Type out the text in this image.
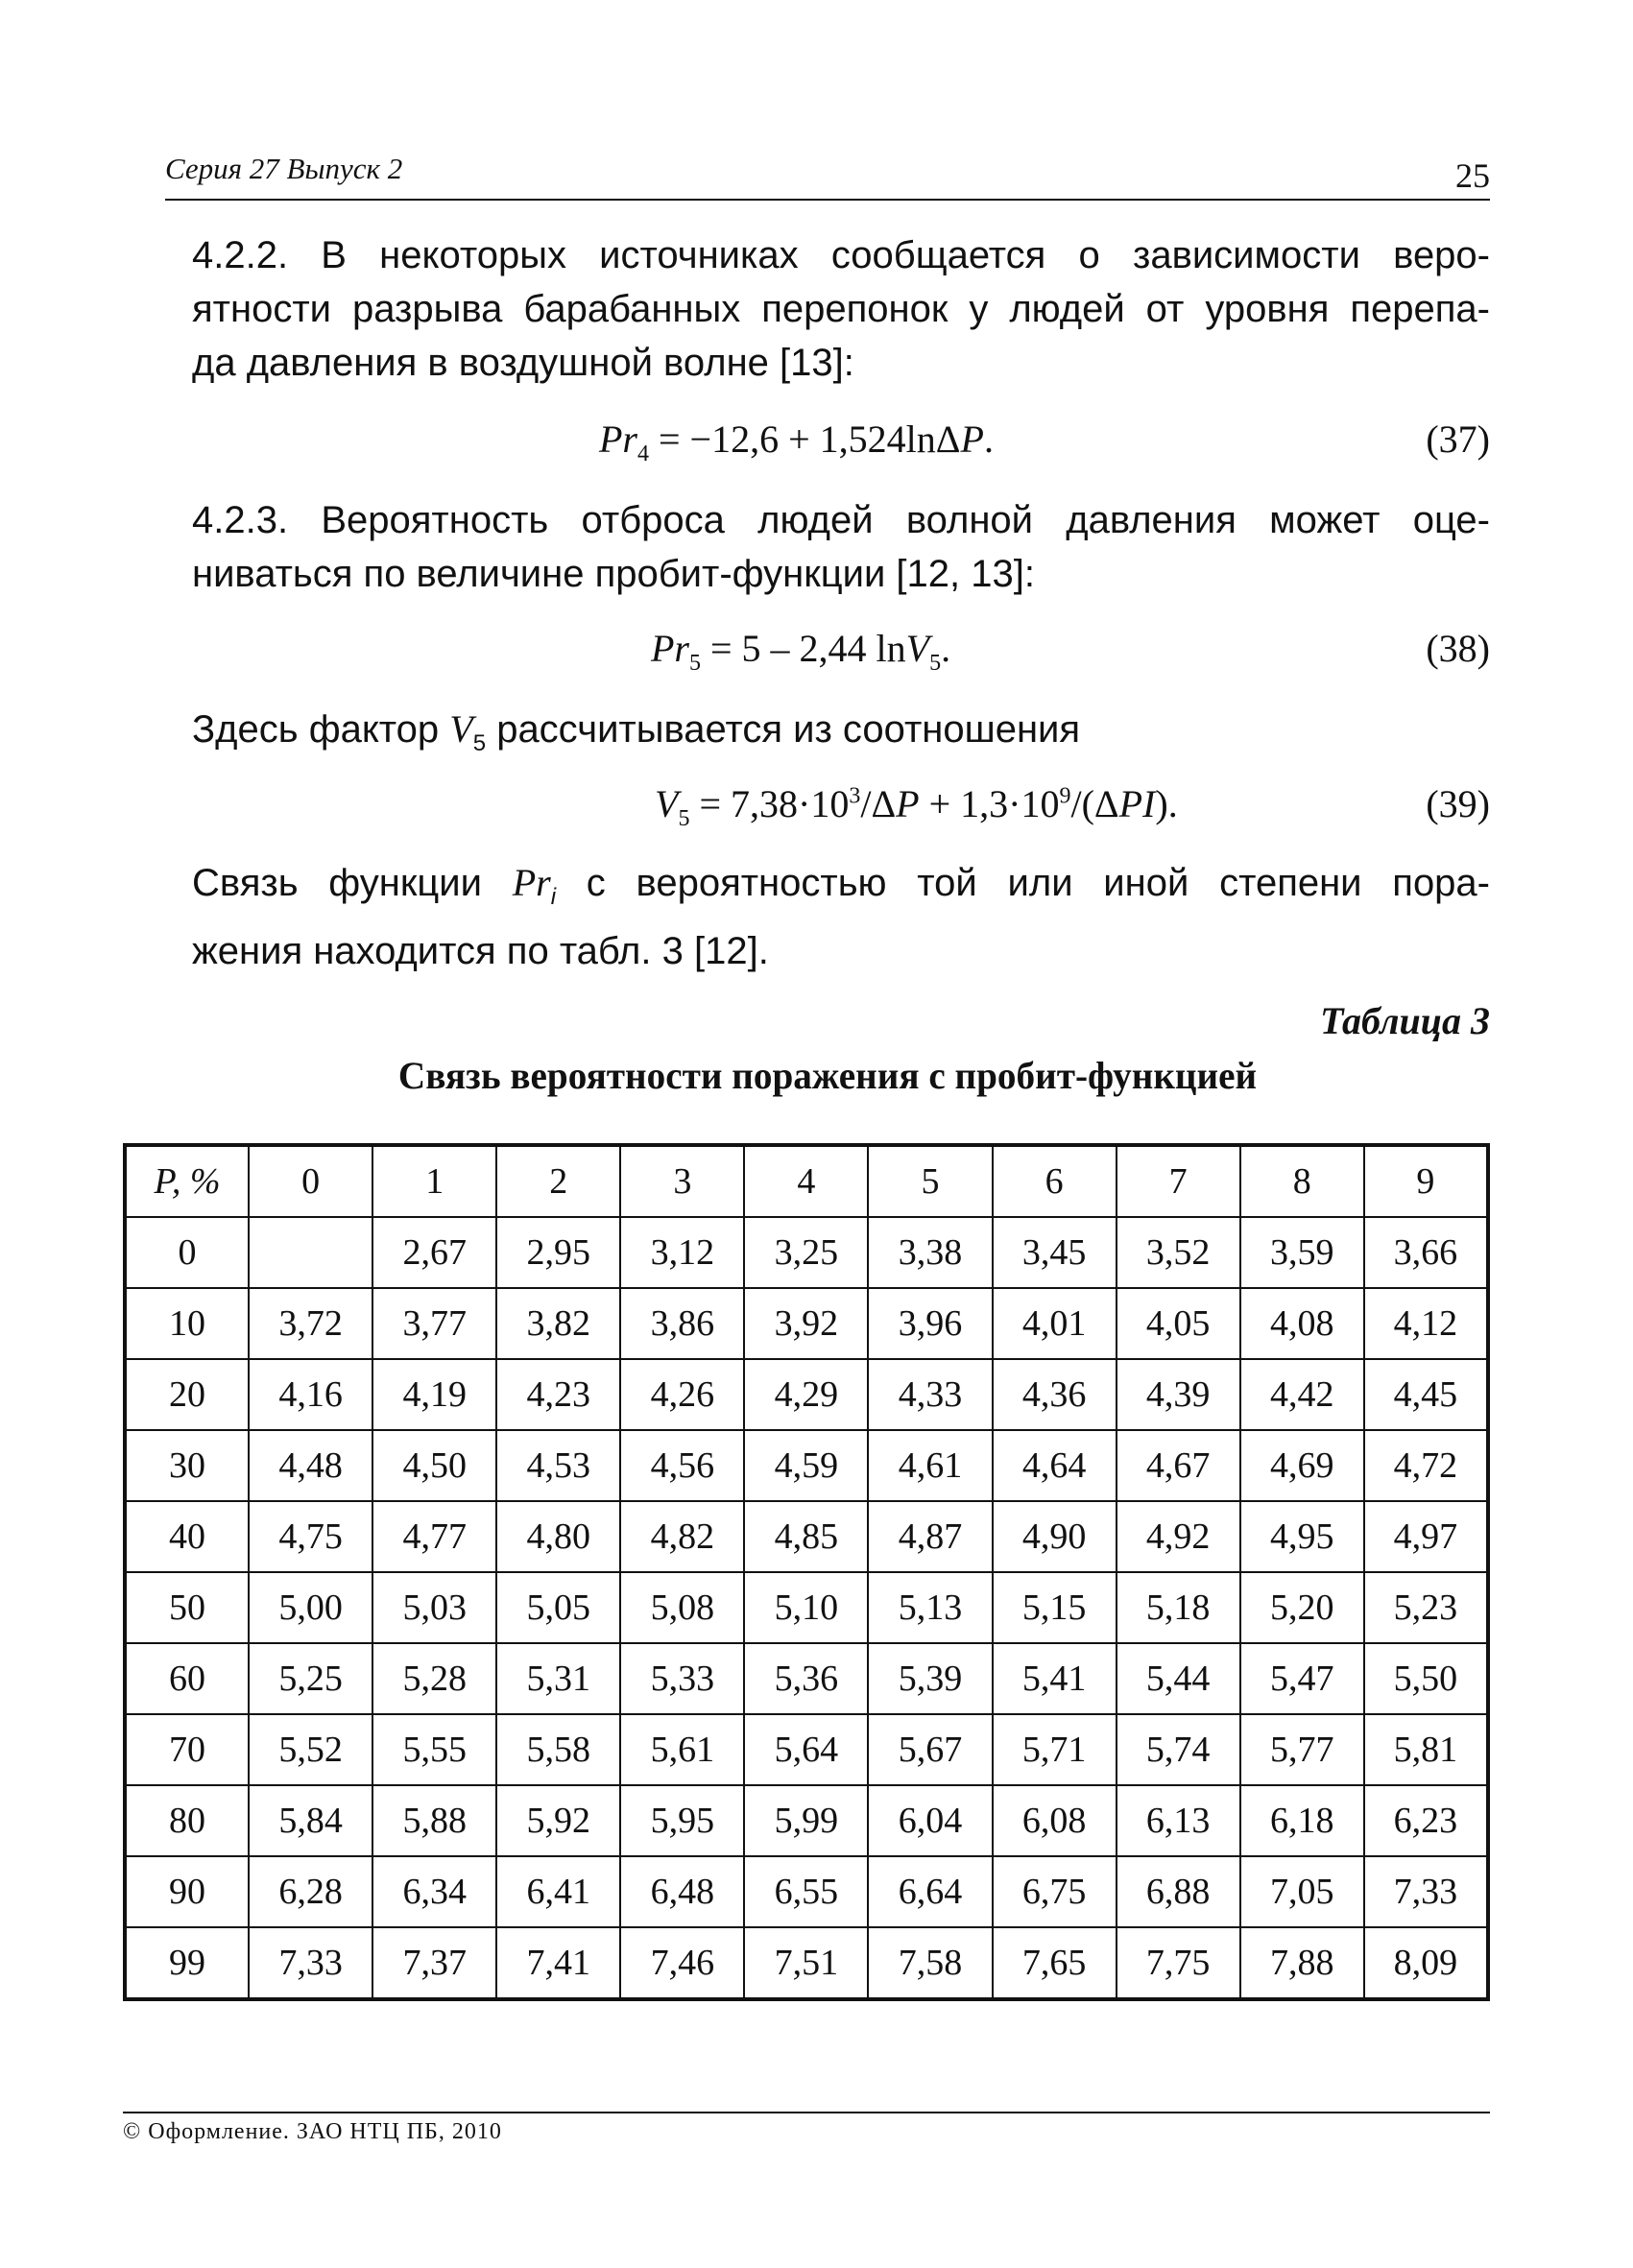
Серия 27 Выпуск 2	25
4.2.2. В некоторых источниках сообщается о зависимости веро-
ятности разрыва барабанных перепонок у людей от уровня перепа-
да давления в воздушной волне [13]:
$Pr_4 = -12,6 + 1,524\ln\Delta P$.	(37)
4.2.3. Вероятность отброса людей волной давления может оце-
ниваться по величине пробит-функции [12, 13]:
$Pr_5 = 5 - 2,44$ lnV$_5$.	(38)
Здесь фактор $V_5$ рассчитывается из соотношения
$V_5 = 7,38\cdot 10^3/\Delta P + 1,3\cdot 10^9/(\Delta PI)$.	(39)
Связь функции $Pr_i$ с вероятностью той или иной степени пора-
жения находится по табл. 3 [12].
Таблица 3
Связь вероятности поражения с пробит-функцией
P, %	0	1	2	3	4	5	6	7	8	9
0		2,67	2,95	3,12	3,25	3,38	3,45	3,52	3,59	3,66
10	3,72	3,77	3,82	3,86	3,92	3,96	4,01	4,05	4,08	4,12
20	4,16	4,19	4,23	4,26	4,29	4,33	4,36	4,39	4,42	4,45
30	4,48	4,50	4,53	4,56	4,59	4,61	4,64	4,67	4,69	4,72
40	4,75	4,77	4,80	4,82	4,85	4,87	4,90	4,92	4,95	4,97
50	5,00	5,03	5,05	5,08	5,10	5,13	5,15	5,18	5,20	5,23
60	5,25	5,28	5,31	5,33	5,36	5,39	5,41	5,44	5,47	5,50
70	5,52	5,55	5,58	5,61	5,64	5,67	5,71	5,74	5,77	5,81
80	5,84	5,88	5,92	5,95	5,99	6,04	6,08	6,13	6,18	6,23
90	6,28	6,34	6,41	6,48	6,55	6,64	6,75	6,88	7,05	7,33
99	7,33	7,37	7,41	7,46	7,51	7,58	7,65	7,75	7,88	8,09
© Оформление. ЗАО НТЦ ПБ, 2010
